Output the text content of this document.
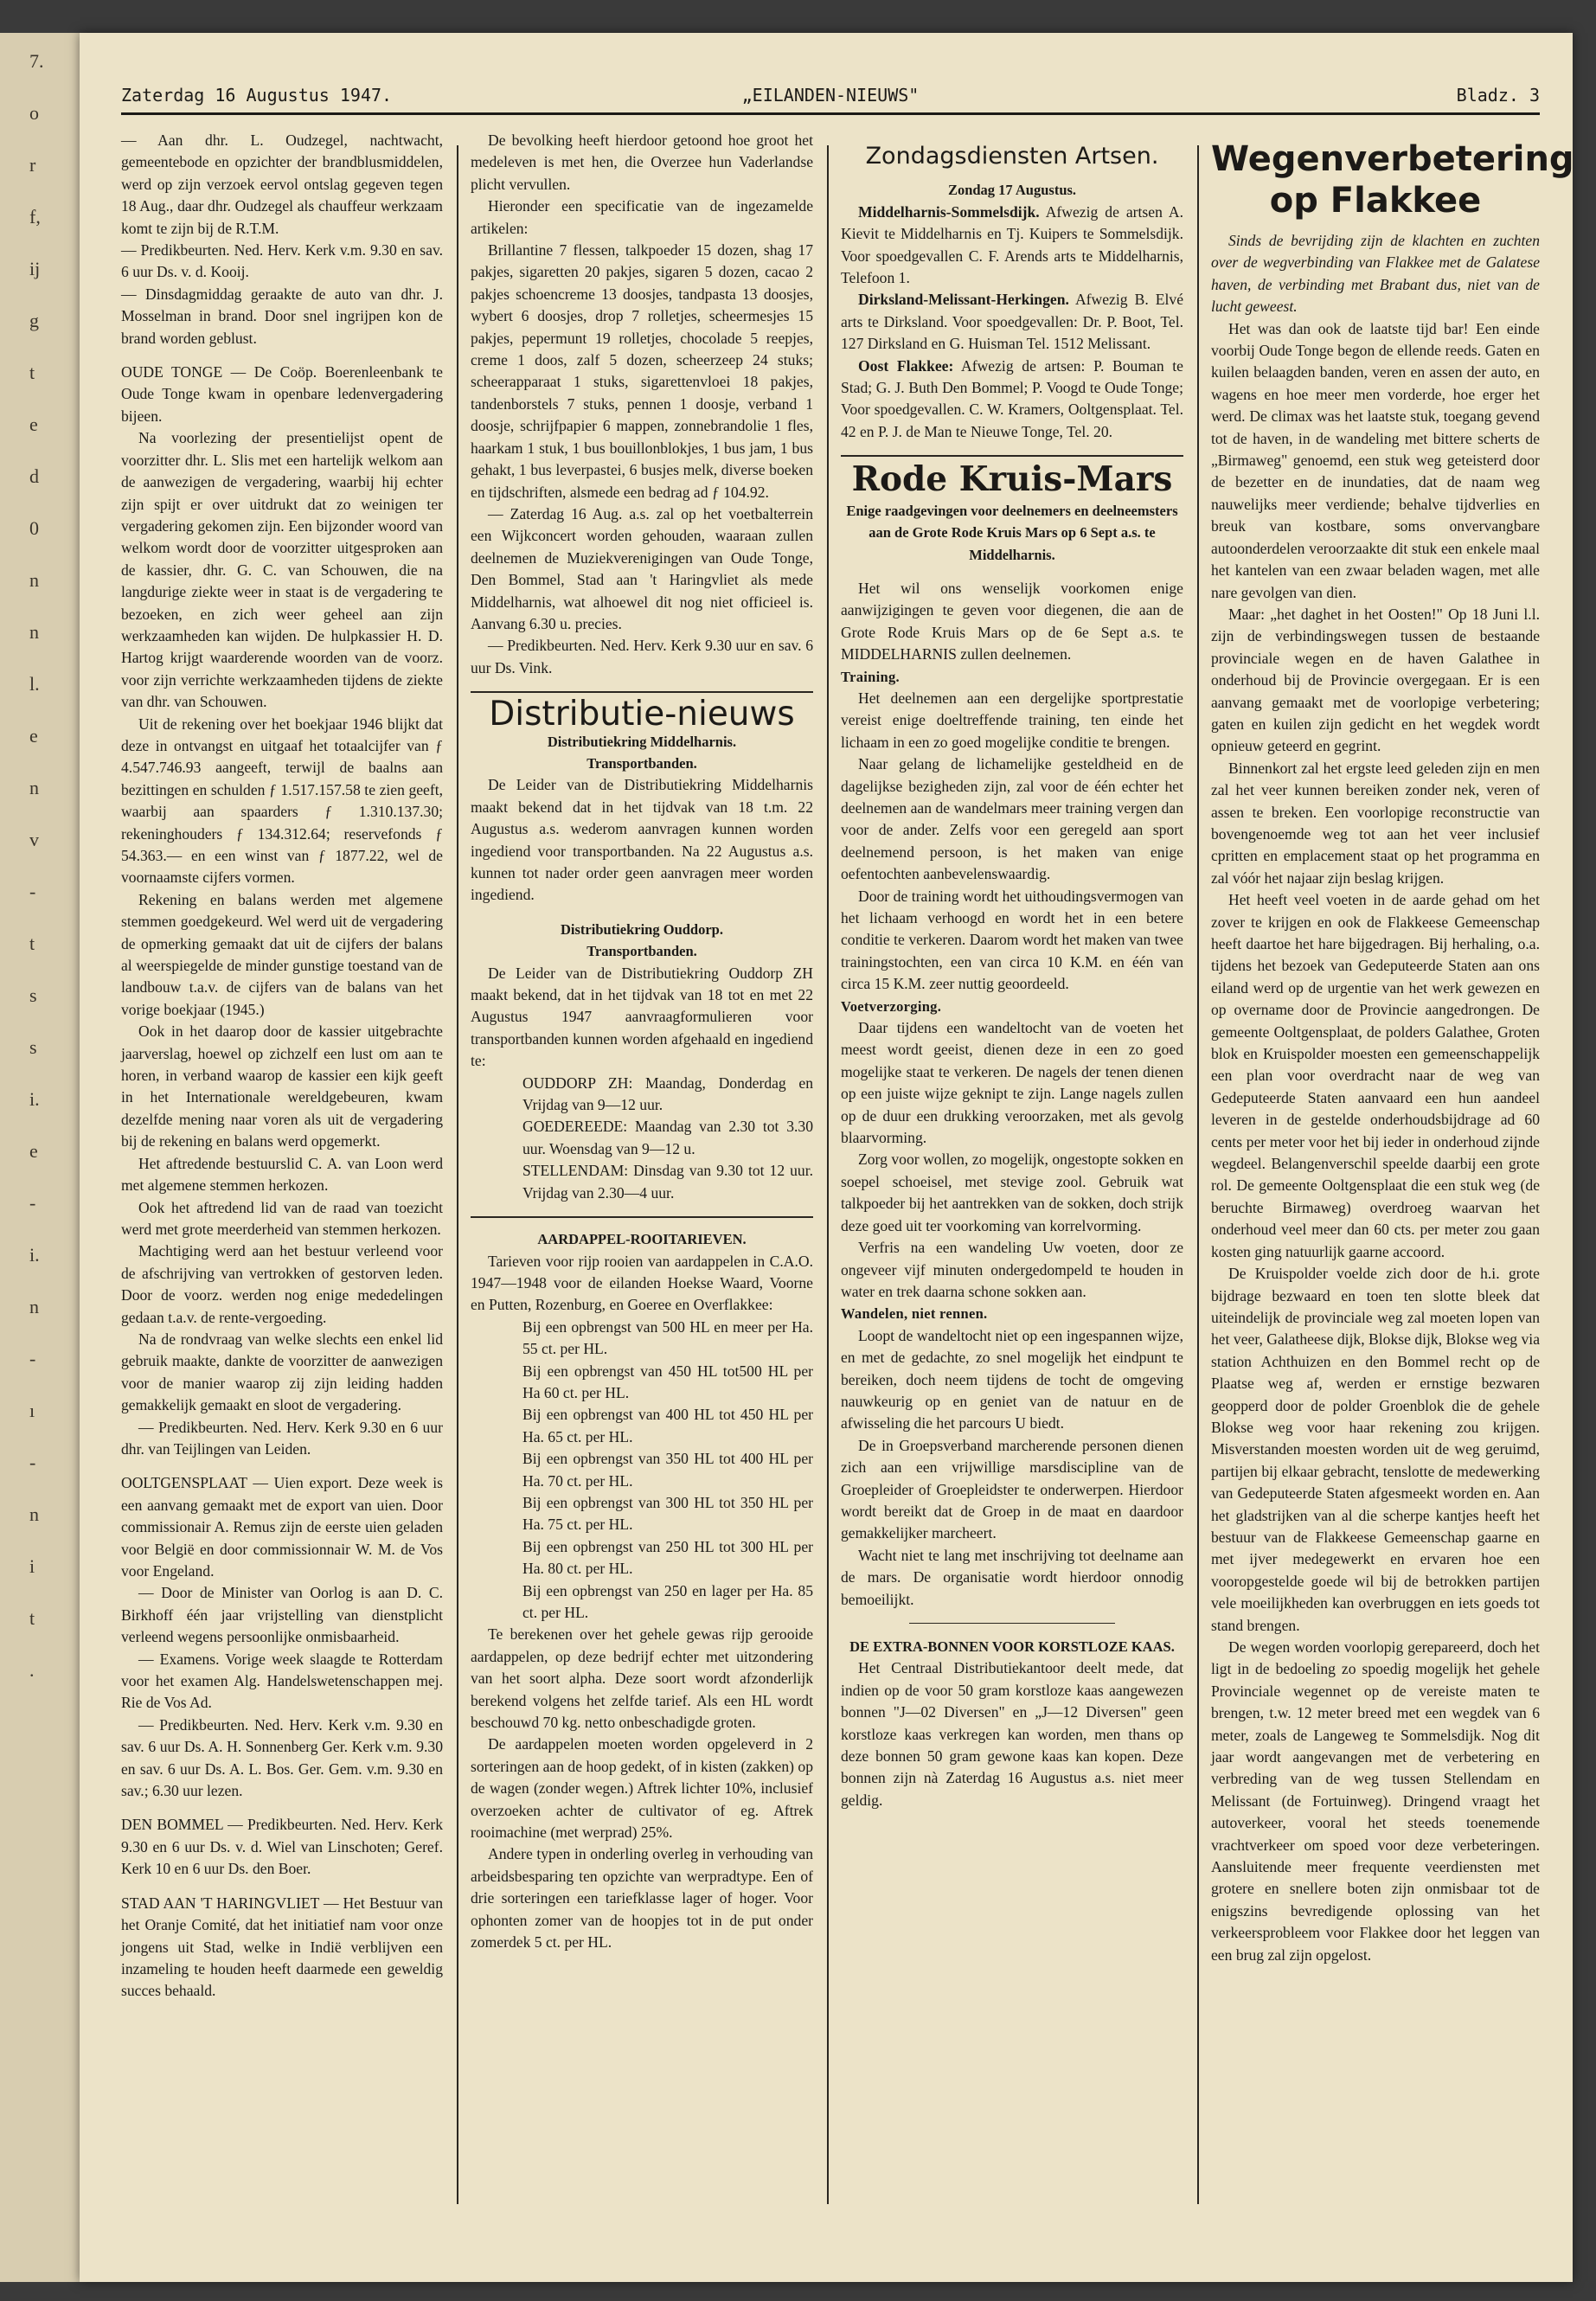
7.
o
r
f,
ij
g
t
e
d
0
n
n
l.
e
n
v
-
t
s
s
i.
e
-
i.
n
-
ı
-
n
i
t
.
Zaterdag 16 Augustus 1947.	„EILANDEN-NIEUWS"	Bladz. 3

— Aan dhr. L. Oudzegel, nachtwacht, gemeentebode en opzichter der brandblusmiddelen, werd op zijn verzoek eervol ontslag gegeven tegen 18 Aug., daar dhr. Oudzegel als chauffeur werkzaam komt te zijn bij de R.T.M.

— Predikbeurten. Ned. Herv. Kerk v.m. 9.30 en sav. 6 uur Ds. v. d. Kooij.

— Dinsdagmiddag geraakte de auto van dhr. J. Mosselman in brand. Door snel ingrijpen kon de brand worden geblust.

OUDE TONGE — De Coöp. Boerenleenbank te Oude Tonge kwam in openbare ledenvergadering bijeen.

Na voorlezing der presentielijst opent de voorzitter dhr. L. Slis met een hartelijk welkom aan de aanwezigen de vergadering, waarbij hij echter zijn spijt er over uitdrukt dat zo weinigen ter vergadering gekomen zijn. Een bijzonder woord van welkom wordt door de voorzitter uitgesproken aan de kassier, dhr. G. C. van Schouwen, die na langdurige ziekte weer in staat is de vergadering te bezoeken, en zich weer geheel aan zijn werkzaamheden kan wijden. De hulpkassier H. D. Hartog krijgt waarderende woorden van de voorz. voor zijn verrichte werkzaamheden tijdens de ziekte van dhr. van Schouwen.

Uit de rekening over het boekjaar 1946 blijkt dat deze in ontvangst en uitgaaf het totaalcijfer van ƒ 4.547.746.93 aangeeft, terwijl de baalns aan bezittingen en schulden ƒ 1.517.157.58 te zien geeft, waarbij aan spaarders ƒ 1.310.137.30; rekeninghouders ƒ 134.312.64; reservefonds ƒ 54.363.— en een winst van ƒ 1877.22, wel de voornaamste cijfers vormen.

Rekening en balans werden met algemene stemmen goedgekeurd. Wel werd uit de vergadering de opmerking gemaakt dat uit de cijfers der balans al weerspiegelde de minder gunstige toestand van de landbouw t.a.v. de cijfers van de balans van het vorige boekjaar (1945.)

Ook in het daarop door de kassier uitgebrachte jaarverslag, hoewel op zichzelf een lust om aan te horen, in verband waarop de kassier een kijk geeft in het Internationale wereldgebeuren, kwam dezelfde mening naar voren als uit de vergadering bij de rekening en balans werd opgemerkt.

Het aftredende bestuurslid C. A. van Loon werd met algemene stemmen herkozen.

Ook het aftredend lid van de raad van toezicht werd met grote meerderheid van stemmen herkozen.

Machtiging werd aan het bestuur verleend voor de afschrijving van vertrokken of gestorven leden. Door de voorz. werden nog enige mededelingen gedaan t.a.v. de rente-vergoeding.

Na de rondvraag van welke slechts een enkel lid gebruik maakte, dankte de voorzitter de aanwezigen voor de manier waarop zij zijn leiding hadden gemakkelijk gemaakt en sloot de vergadering.

— Predikbeurten. Ned. Herv. Kerk 9.30 en 6 uur dhr. van Teijlingen van Leiden.

OOLTGENSPLAAT — Uien export. Deze week is een aanvang gemaakt met de export van uien. Door commissionair A. Remus zijn de eerste uien geladen voor België en door commissionnair W. M. de Vos voor Engeland.

— Door de Minister van Oorlog is aan D. C. Birkhoff één jaar vrijstelling van dienstplicht verleend wegens persoonlijke onmisbaarheid.

— Examens. Vorige week slaagde te Rotterdam voor het examen Alg. Handelswetenschappen mej. Rie de Vos Ad.

— Predikbeurten. Ned. Herv. Kerk v.m. 9.30 en sav. 6 uur Ds. A. H. Sonnenberg Ger. Kerk v.m. 9.30 en sav. 6 uur Ds. A. L. Bos. Ger. Gem. v.m. 9.30 en sav.; 6.30 uur lezen.

DEN BOMMEL — Predikbeurten. Ned. Herv. Kerk 9.30 en 6 uur Ds. v. d. Wiel van Linschoten; Geref. Kerk 10 en 6 uur Ds. den Boer.

STAD AAN 'T HARINGVLIET — Het Bestuur van het Oranje Comité, dat het initiatief nam voor onze jongens uit Stad, welke in Indië verblijven een inzameling te houden heeft daarmede een geweldig succes behaald.

De bevolking heeft hierdoor getoond hoe groot het medeleven is met hen, die Overzee hun Vaderlandse plicht vervullen.

Hieronder een specificatie van de ingezamelde artikelen:

Brillantine 7 flessen, talkpoeder 15 dozen, shag 17 pakjes, sigaretten 20 pakjes, sigaren 5 dozen, cacao 2 pakjes schoencreme 13 doosjes, tandpasta 13 doosjes, wybert 6 doosjes, drop 7 rolletjes, scheermesjes 15 pakjes, pepermunt 19 rolletjes, chocolade 5 reepjes, creme 1 doos, zalf 5 dozen, scheerzeep 24 stuks; scheerapparaat 1 stuks, sigarettenvloei 18 pakjes, tandenborstels 7 stuks, pennen 1 doosje, verband 1 doosje, schrijfpapier 6 mappen, zonnebrandolie 1 fles, haarkam 1 stuk, 1 bus bouillonblokjes, 1 bus jam, 1 bus gehakt, 1 bus leverpastei, 6 busjes melk, diverse boeken en tijdschriften, alsmede een bedrag ad ƒ 104.92.

— Zaterdag 16 Aug. a.s. zal op het voetbalterrein een Wijkconcert worden gehouden, waaraan zullen deelnemen de Muziekverenigingen van Oude Tonge, Den Bommel, Stad aan 't Haringvliet als mede Middelharnis, wat alhoewel dit nog niet officieel is. Aanvang 6.30 u. precies.

— Predikbeurten. Ned. Herv. Kerk 9.30 uur en sav. 6 uur Ds. Vink.

Distributie-nieuws

Distributiekring Middelharnis.

Transportbanden.

De Leider van de Distributiekring Middelharnis maakt bekend dat in het tijdvak van 18 t.m. 22 Augustus a.s. wederom aanvragen kunnen worden ingediend voor transportbanden. Na 22 Augustus a.s. kunnen tot nader order geen aanvragen meer worden ingediend.

Distributiekring Ouddorp.

Transportbanden.

De Leider van de Distributiekring Ouddorp ZH maakt bekend, dat in het tijdvak van 18 tot en met 22 Augustus 1947 aanvraagformulieren voor transportbanden kunnen worden afgehaald en ingediend te:

OUDDORP ZH: Maandag, Donderdag en Vrijdag van 9—12 uur.

GOEDEREEDE: Maandag van 2.30 tot 3.30 uur. Woensdag van 9—12 u.

STELLENDAM: Dinsdag van 9.30 tot 12 uur. Vrijdag van 2.30—4 uur.

AARDAPPEL-ROOITARIEVEN.

Tarieven voor rijp rooien van aardappelen in C.A.O. 1947—1948 voor de eilanden Hoekse Waard, Voorne en Putten, Rozenburg, en Goeree en Overflakkee:

Bij een opbrengst van 500 HL en meer per Ha. 55 ct. per HL.

Bij een opbrengst van 450 HL tot500 HL per Ha 60 ct. per HL.

Bij een opbrengst van 400 HL tot 450 HL per Ha. 65 ct. per HL.

Bij een opbrengst van 350 HL tot 400 HL per Ha. 70 ct. per HL.

Bij een opbrengst van 300 HL tot 350 HL per Ha. 75 ct. per HL.

Bij een opbrengst van 250 HL tot 300 HL per Ha. 80 ct. per HL.

Bij een opbrengst van 250 en lager per Ha. 85 ct. per HL.

Te berekenen over het gehele gewas rijp gerooide aardappelen, op deze bedrijf echter met uitzondering van het soort alpha. Deze soort wordt afzonderlijk berekend volgens het zelfde tarief. Als een HL wordt beschouwd 70 kg. netto onbeschadigde groten.

De aardappelen moeten worden opgeleverd in 2 sorteringen aan de hoop gedekt, of in kisten (zakken) op de wagen (zonder wegen.) Aftrek lichter 10%, inclusief overzoeken achter de cultivator of eg. Aftrek rooimachine (met werprad) 25%.

Andere typen in onderling overleg in verhouding van arbeidsbesparing ten opzichte van werpradtype. Een of drie sorteringen een tariefklasse lager of hoger. Voor ophonten zomer van de hoopjes tot in de put onder zomerdek 5 ct. per HL.

Zondagsdiensten Artsen.

Zondag 17 Augustus.

Middelharnis-Sommelsdijk. Afwezig de artsen A. Kievit te Middelharnis en Tj. Kuipers te Sommelsdijk. Voor spoedgevallen C. F. Arends arts te Middelharnis, Telefoon 1.

Dirksland-Melissant-Herkingen. Afwezig B. Elvé arts te Dirksland. Voor spoedgevallen: Dr. P. Boot, Tel. 127 Dirksland en G. Huisman Tel. 1512 Melissant.

Oost Flakkee: Afwezig de artsen: P. Bouman te Stad; G. J. Buth Den Bommel; P. Voogd te Oude Tonge; Voor spoedgevallen. C. W. Kramers, Ooltgensplaat. Tel. 42 en P. J. de Man te Nieuwe Tonge, Tel. 20.

Rode Kruis-Mars

Enige raadgevingen voor deelnemers en deelneemsters aan de Grote Rode Kruis Mars op 6 Sept a.s. te Middelharnis.

Het wil ons wenselijk voorkomen enige aanwijzigingen te geven voor diegenen, die aan de Grote Rode Kruis Mars op de 6e Sept a.s. te MIDDELHARNIS zullen deelnemen.

Training.

Het deelnemen aan een dergelijke sportprestatie vereist enige doeltreffende training, ten einde het lichaam in een zo goed mogelijke conditie te brengen.

Naar gelang de lichamelijke gesteldheid en de dagelijkse bezigheden zijn, zal voor de één echter het deelnemen aan de wandelmars meer training vergen dan voor de ander. Zelfs voor een geregeld aan sport deelnemend persoon, is het maken van enige oefentochten aanbevelenswaardig.

Door de training wordt het uithoudingsvermogen van het lichaam verhoogd en wordt het in een betere conditie te verkeren. Daarom wordt het maken van twee trainingstochten, een van circa 10 K.M. en één van circa 15 K.M. zeer nuttig geoordeeld.

Voetverzorging.

Daar tijdens een wandeltocht van de voeten het meest wordt geeist, dienen deze in een zo goed mogelijke staat te verkeren. De nagels der tenen dienen op een juiste wijze geknipt te zijn. Lange nagels zullen op de duur een drukking veroorzaken, met als gevolg blaarvorming.

Zorg voor wollen, zo mogelijk, ongestopte sokken en soepel schoeisel, met stevige zool. Gebruik wat talkpoeder bij het aantrekken van de sokken, doch strijk deze goed uit ter voorkoming van korrelvorming.

Verfris na een wandeling Uw voeten, door ze ongeveer vijf minuten ondergedompeld te houden in water en trek daarna schone sokken aan.

Wandelen, niet rennen.

Loopt de wandeltocht niet op een ingespannen wijze, en met de gedachte, zo snel mogelijk het eindpunt te bereiken, doch neem tijdens de tocht de omgeving nauwkeurig op en geniet van de natuur en de afwisseling die het parcours U biedt.

De in Groepsverband marcherende personen dienen zich aan een vrijwillige marsdiscipline van de Groepleider of Groepleidster te onderwerpen. Hierdoor wordt bereikt dat de Groep in de maat en daardoor gemakkelijker marcheert.

Wacht niet te lang met inschrijving tot deelname aan de mars. De organisatie wordt hierdoor onnodig bemoeilijkt.

DE EXTRA-BONNEN VOOR KORSTLOZE KAAS.

Het Centraal Distributiekantoor deelt mede, dat indien op de voor 50 gram korstloze kaas aangewezen bonnen "J—02 Diversen" en „J—12 Diversen" geen korstloze kaas verkregen kan worden, men thans op deze bonnen 50 gram gewone kaas kan kopen. Deze bonnen zijn nà Zaterdag 16 Augustus a.s. niet meer geldig.

Wegenverbetering op Flakkee

Sinds de bevrijding zijn de klachten en zuchten over de wegverbinding van Flakkee met de Galatese haven, de verbinding met Brabant dus, niet van de lucht geweest.

Het was dan ook de laatste tijd bar! Een einde voorbij Oude Tonge begon de ellende reeds. Gaten en kuilen belaagden banden, veren en assen der auto, en wagens en hoe meer men vorderde, hoe erger het werd. De climax was het laatste stuk, toegang gevend tot de haven, in de wandeling met bittere scherts de „Birmaweg" genoemd, een stuk weg geteisterd door de bezetter en de inundaties, dat de naam weg nauwelijks meer verdiende; behalve tijdverlies en breuk van kostbare, soms onvervangbare autoonderdelen veroorzaakte dit stuk een enkele maal het kantelen van een zwaar beladen wagen, met alle nare gevolgen van dien.

Maar: „het daghet in het Oosten!" Op 18 Juni l.l. zijn de verbindingswegen tussen de bestaande provinciale wegen en de haven Galathee in onderhoud bij de Provincie overgegaan. Er is een aanvang gemaakt met de voorlopige verbetering; gaten en kuilen zijn gedicht en het wegdek wordt opnieuw geteerd en gegrint.

Binnenkort zal het ergste leed geleden zijn en men zal het veer kunnen bereiken zonder nek, veren of assen te breken. Een voorlopige reconstructie van bovengenoemde weg tot aan het veer inclusief cpritten en emplacement staat op het programma en zal vóór het najaar zijn beslag krijgen.

Het heeft veel voeten in de aarde gehad om het zover te krijgen en ook de Flakkeese Gemeenschap heeft daartoe het hare bijgedragen. Bij herhaling, o.a. tijdens het bezoek van Gedeputeerde Staten aan ons eiland werd op de urgentie van het werk gewezen en op overname door de Provincie aangedrongen. De gemeente Ooltgensplaat, de polders Galathee, Groten blok en Kruispolder moesten een gemeenschappelijk een plan voor overdracht naar de weg van Gedeputeerde Staten aanvaard een hun aandeel leveren in de gestelde onderhoudsbijdrage ad 60 cents per meter voor het bij ieder in onderhoud zijnde wegdeel. Belangenverschil speelde daarbij een grote rol. De gemeente Ooltgensplaat die een stuk weg (de beruchte Birmaweg) overdroeg waarvan het onderhoud veel meer dan 60 cts. per meter zou gaan kosten ging natuurlijk gaarne accoord.

De Kruispolder voelde zich door de h.i. grote bijdrage bezwaard en toen ten slotte bleek dat uiteindelijk de provinciale weg zal moeten lopen van het veer, Galatheese dijk, Blokse dijk, Blokse weg via station Achthuizen en den Bommel recht op de Plaatse weg af, werden er ernstige bezwaren geopperd door de polder Groenblok die de gehele Blokse weg voor haar rekening zou krijgen. Misverstanden moesten worden uit de weg geruimd, partijen bij elkaar gebracht, tenslotte de medewerking van Gedeputeerde Staten afgesmeekt worden en. Aan het gladstrijken van al die scherpe kantjes heeft het bestuur van de Flakkeese Gemeenschap gaarne en met ijver medegewerkt en ervaren hoe een vooropgestelde goede wil bij de betrokken partijen vele moeilijkheden kan overbruggen en iets goeds tot stand brengen.

De wegen worden voorlopig gerepareerd, doch het ligt in de bedoeling zo spoedig mogelijk het gehele Provinciale wegennet op de vereiste maten te brengen, t.w. 12 meter breed met een wegdek van 6 meter, zoals de Langeweg te Sommelsdijk. Nog dit jaar wordt aangevangen met de verbetering en verbreding van de weg tussen Stellendam en Melissant (de Fortuinweg). Dringend vraagt het autoverkeer, vooral het steeds toenemende vrachtverkeer om spoed voor deze verbeteringen. Aansluitende meer frequente veerdiensten met grotere en snellere boten zijn onmisbaar tot de enigszins bevredigende oplossing van het verkeersprobleem voor Flakkee door het leggen van een brug zal zijn opgelost.
